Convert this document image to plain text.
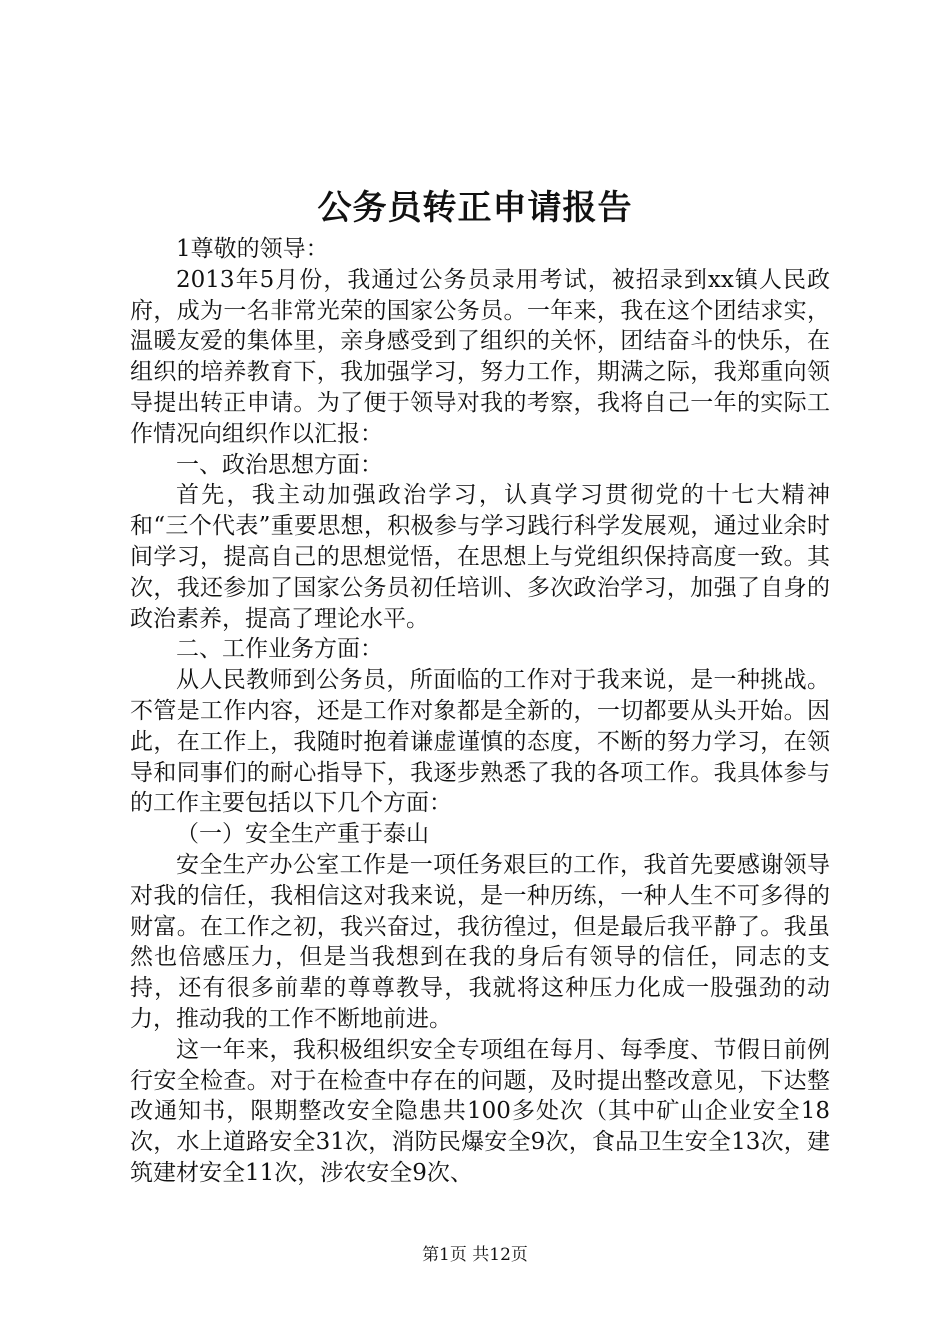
公务员转正申请报告

1尊敬的领导：

2013年5月份，我通过公务员录用考试，被招录到xx镇人民政府，成为一名非常光荣的国家公务员。一年来，我在这个团结求实，温暖友爱的集体里，亲身感受到了组织的关怀，团结奋斗的快乐，在组织的培养教育下，我加强学习，努力工作，期满之际，我郑重向领导提出转正申请。为了便于领导对我的考察，我将自己一年的实际工作情况向组织作以汇报：

一、政治思想方面：

首先，我主动加强政治学习，认真学习贯彻党的十七大精神和“三个代表”重要思想，积极参与学习践行科学发展观，通过业余时间学习，提高自己的思想觉悟，在思想上与党组织保持高度一致。其次，我还参加了国家公务员初任培训、多次政治学习，加强了自身的政治素养，提高了理论水平。

二、工作业务方面：

从人民教师到公务员，所面临的工作对于我来说，是一种挑战。不管是工作内容，还是工作对象都是全新的，一切都要从头开始。因此，在工作上，我随时抱着谦虚谨慎的态度，不断的努力学习，在领导和同事们的耐心指导下，我逐步熟悉了我的各项工作。我具体参与的工作主要包括以下几个方面：

（一）安全生产重于泰山

安全生产办公室工作是一项任务艰巨的工作，我首先要感谢领导对我的信任，我相信这对我来说，是一种历练，一种人生不可多得的财富。在工作之初，我兴奋过，我彷徨过，但是最后我平静了。我虽然也倍感压力，但是当我想到在我的身后有领导的信任，同志的支持，还有很多前辈的尊尊教导，我就将这种压力化成一股强劲的动力，推动我的工作不断地前进。

这一年来，我积极组织安全专项组在每月、每季度、节假日前例行安全检查。对于在检查中存在的问题，及时提出整改意见，下达整改通知书，限期整改安全隐患共100多处次（其中矿山企业安全18次，水上道路安全31次，消防民爆安全9次，食品卫生安全13次，建筑建材安全11次，涉农安全9次、

第1页 共12页
